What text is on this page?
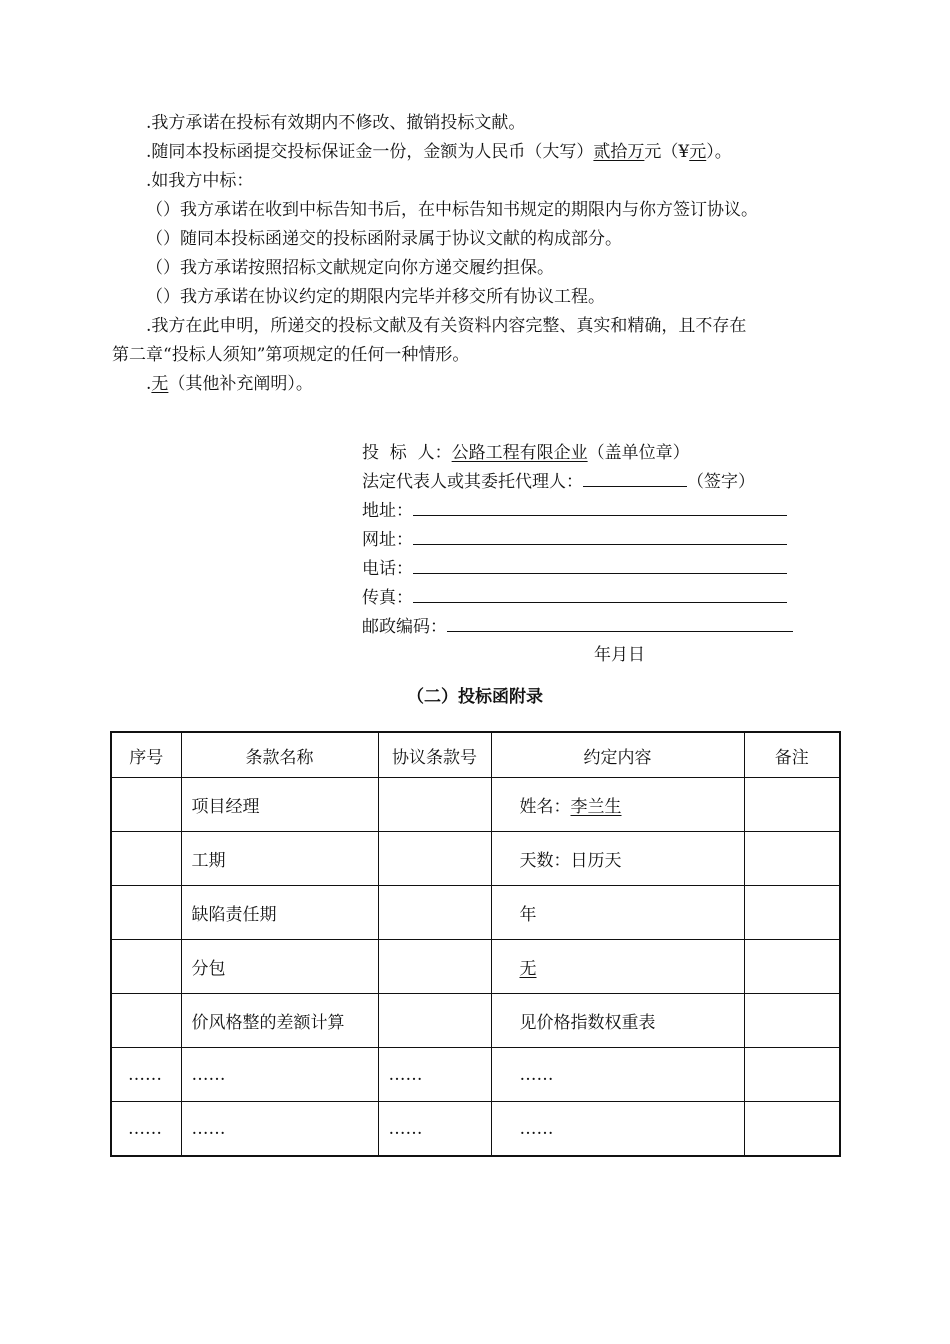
.我方承诺在投标有效期内不修改、撤销投标文献。
.随同本投标函提交投标保证金一份，金额为人民币（大写）贰拾万元（¥元）。
.如我方中标：
（）我方承诺在收到中标告知书后，在中标告知书规定的期限内与你方签订协议。
（）随同本投标函递交的投标函附录属于协议文献的构成部分。
（）我方承诺按照招标文献规定向你方递交履约担保。
（）我方承诺在协议约定的期限内完毕并移交所有协议工程。
.我方在此申明，所递交的投标文献及有关资料内容完整、真实和精确，且不存在
第二章“投标人须知”第项规定的任何一种情形。
.无（其他补充阐明）。
投  标  人：公路工程有限企业（盖单位章）
法定代表人或其委托代理人：	（签字）
地址：
网址：
电话：
传真：
邮政编码：
年月日
（二）投标函附录
序号	条款名称	协议条款号	约定内容	备注
	项目经理		姓名：李兰生	
	工期		天数：日历天	
	缺陷责任期		年	
	分包		无	
	价风格整的差额计算		见价格指数权重表	
……	……	……	……	
……	……	……	……	
